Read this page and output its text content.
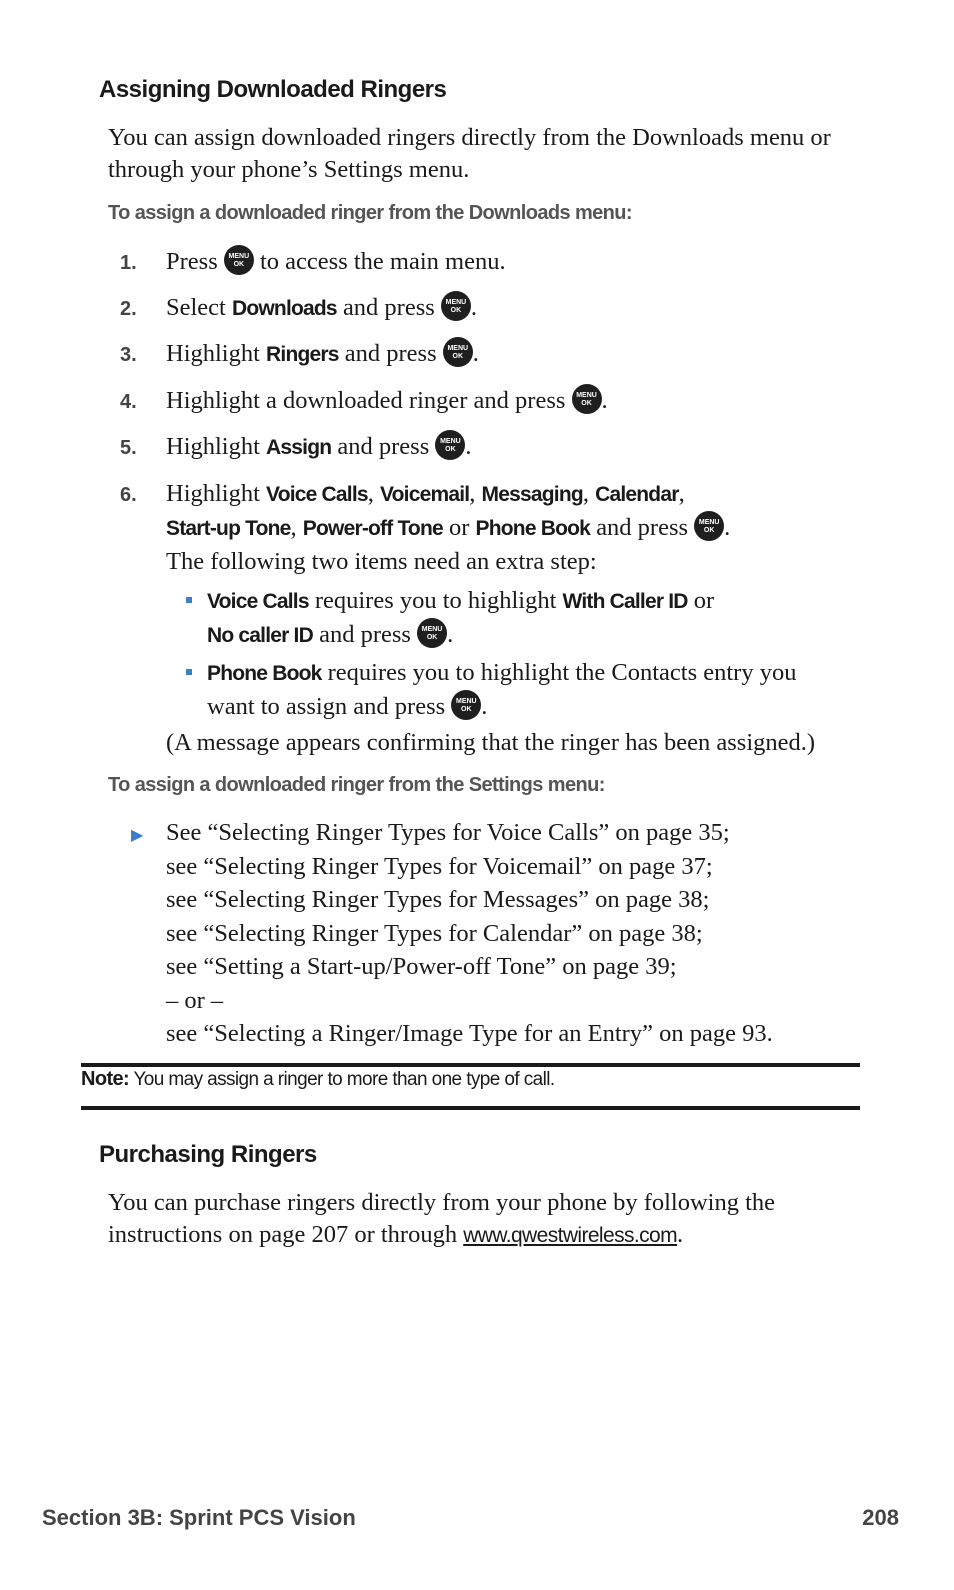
Assigning Downloaded Ringers
You can assign downloaded ringers directly from the Downloads menu or through your phone’s Settings menu.
To assign a downloaded ringer from the Downloads menu:
1.	Press MENU
OK to access the main menu.
2.	Select Downloads and press MENU
OK .
3.	Highlight Ringers and press MENU
OK .
4.	Highlight a downloaded ringer and press MENU
OK .
5.	Highlight Assign and press MENU
OK .
6.	Highlight Voice Calls, Voicemail, Messaging, Calendar,
Start-up Tone, Power-off Tone or Phone Book and press MENU
OK .
The following two items need an extra step:
Voice Calls requires you to highlight With Caller ID or
No caller ID and press MENU
OK .
Phone Book requires you to highlight the Contacts entry you
want to assign and press MENU
OK .
(A message appears confirming that the ringer has been assigned.)
To assign a downloaded ringer from the Settings menu:
▶ See “Selecting Ringer Types for Voice Calls” on page 35;
see “Selecting Ringer Types for Voicemail” on page 37;
see “Selecting Ringer Types for Messages” on page 38;
see “Selecting Ringer Types for Calendar” on page 38;
see “Setting a Start-up/Power-off Tone” on page 39;
– or –
see “Selecting a Ringer/Image Type for an Entry” on page 93.
Note: You may assign a ringer to more than one type of call.
Purchasing Ringers
You can purchase ringers directly from your phone by following the
instructions on page 207 or through www.qwestwireless.com.
Section 3B: Sprint PCS Vision	208
